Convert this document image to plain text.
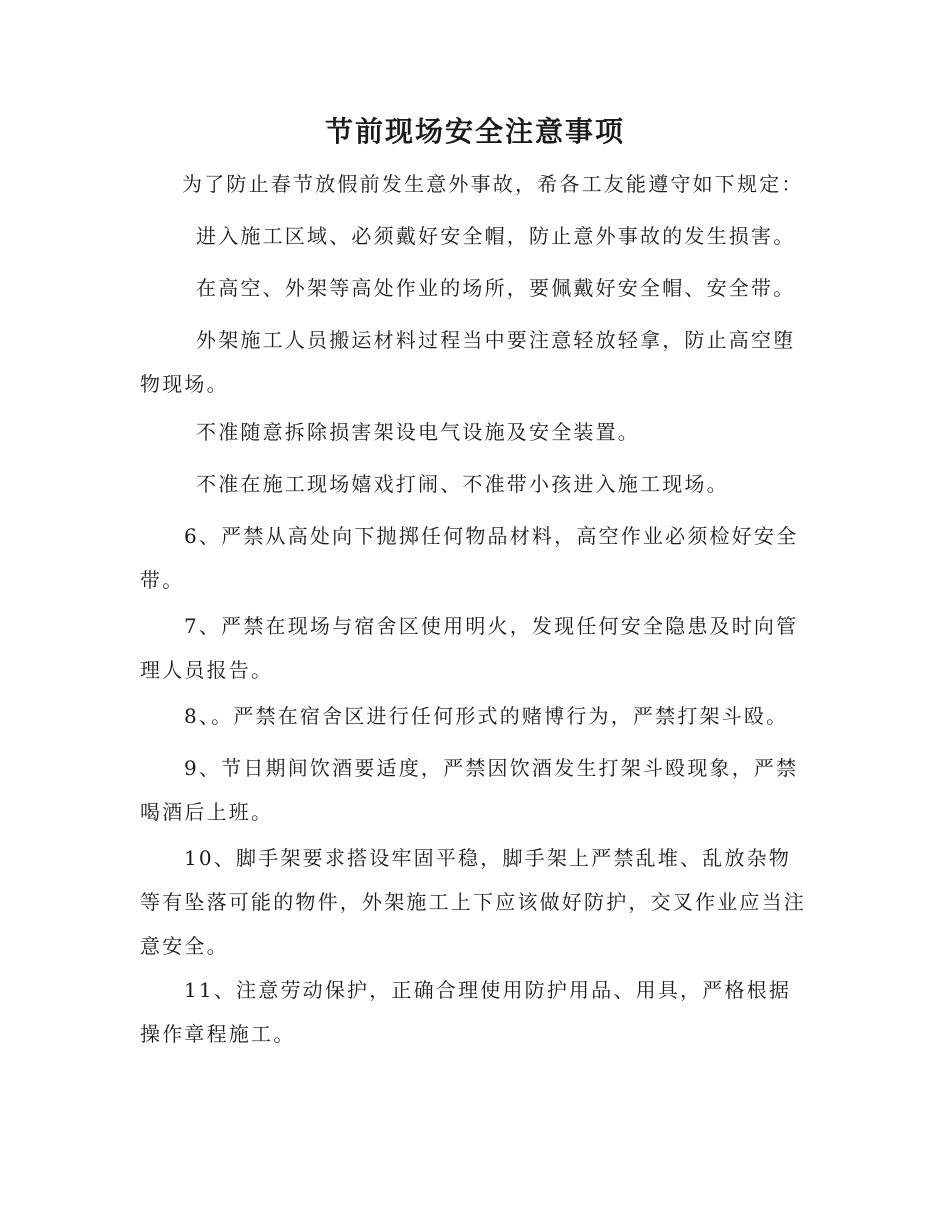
节前现场安全注意事项
为了防止春节放假前发生意外事故，希各工友能遵守如下规定：
进入施工区域、必须戴好安全帽，防止意外事故的发生损害。
在高空、外架等高处作业的场所，要佩戴好安全帽、安全带。
外架施工人员搬运材料过程当中要注意轻放轻拿，防止高空堕物现场。
不准随意拆除损害架设电气设施及安全装置。
不准在施工现场嬉戏打闹、不准带小孩进入施工现场。
6、严禁从高处向下抛掷任何物品材料，高空作业必须检好安全带。
7、严禁在现场与宿舍区使用明火，发现任何安全隐患及时向管理人员报告。
8、。严禁在宿舍区进行任何形式的赌博行为，严禁打架斗殴。
9、节日期间饮酒要适度，严禁因饮酒发生打架斗殴现象，严禁喝酒后上班。
10、脚手架要求搭设牢固平稳，脚手架上严禁乱堆、乱放杂物等有坠落可能的物件，外架施工上下应该做好防护，交叉作业应当注意安全。
11、注意劳动保护，正确合理使用防护用品、用具，严格根据操作章程施工。
